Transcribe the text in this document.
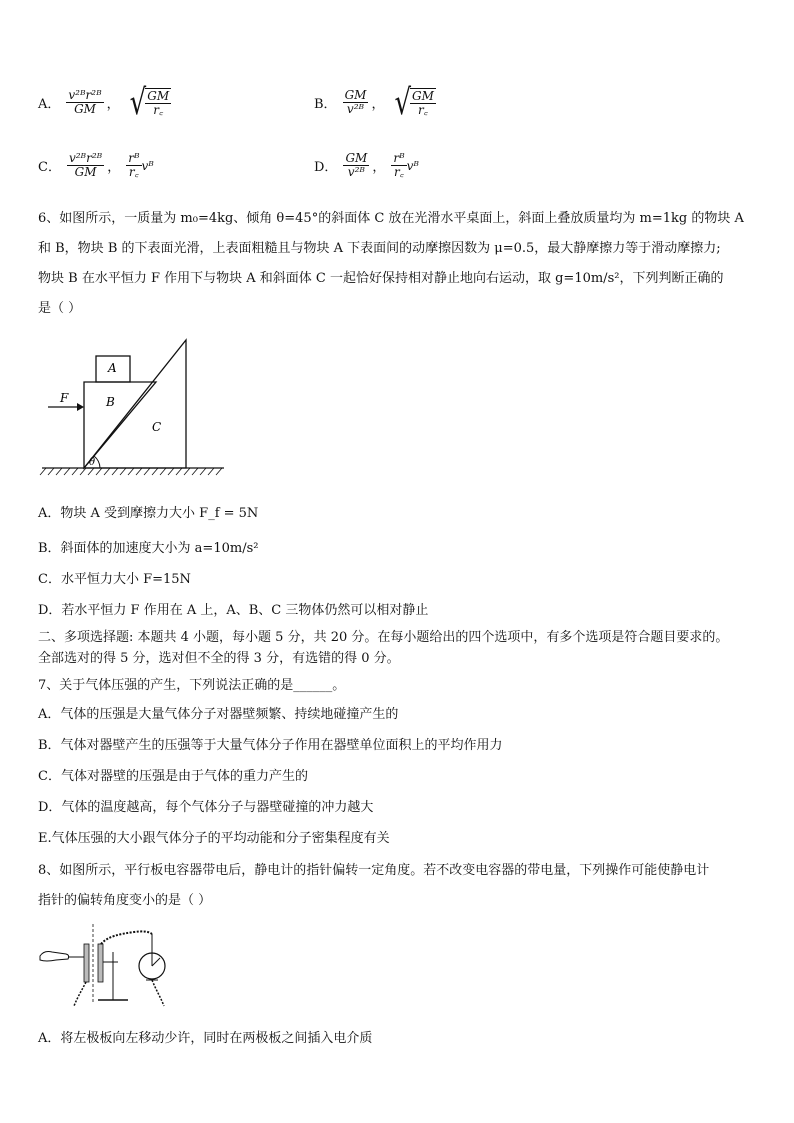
A． $\frac{\text{v²ᴮr²ᴮ}}{GM}$ ， √ $\frac{GM}{r꜀}$	B． $\frac{GM}{\text{v²ᴮ}}$ ， √ $\frac{GM}{r꜀}$
C． $\frac{\text{v²ᴮr²ᴮ}}{GM}$ ， $\frac{\text{rᴮ}}{r꜀}$ vᴮ	D． $\frac{GM}{\text{v²ᴮ}}$ ， $\frac{\text{rᴮ}}{r꜀}$ vᴮ
6、如图所示，一质量为 m₀=4kg、倾角 θ=45°的斜面体 C 放在光滑水平桌面上，斜面上叠放质量均为 m=1kg 的物块 A
和 B，物块 B 的下表面光滑，上表面粗糙且与物块 A 下表面间的动摩擦因数为 μ=0.5，最大静摩擦力等于滑动摩擦力;
物块 B 在水平恒力 F 作用下与物块 A 和斜面体 C 一起恰好保持相对静止地向右运动，取 g=10m/s²，下列判断正确的
是（ ）
A
B
C
F
θ
A．物块 A 受到摩擦力大小 F_f = 5N
B．斜面体的加速度大小为 a=10m/s²
C．水平恒力大小 F=15N
D．若水平恒力 F 作用在 A 上，A、B、C 三物体仍然可以相对静止
二、多项选择题: 本题共 4 小题，每小题 5 分，共 20 分。在每小题给出的四个选项中，有多个选项是符合题目要求的。
全部选对的得 5 分，选对但不全的得 3 分，有选错的得 0 分。
7、关于气体压强的产生，下列说法正确的是______。
A．气体的压强是大量气体分子对器壁频繁、持续地碰撞产生的
B．气体对器壁产生的压强等于大量气体分子作用在器壁单位面积上的平均作用力
C．气体对器壁的压强是由于气体的重力产生的
D．气体的温度越高，每个气体分子与器壁碰撞的冲力越大
E.气体压强的大小跟气体分子的平均动能和分子密集程度有关
8、如图所示，平行板电容器带电后，静电计的指针偏转一定角度。若不改变电容器的带电量，下列操作可能使静电计
指针的偏转角度变小的是（ ）
A．将左极板向左移动少许，同时在两极板之间插入电介质
